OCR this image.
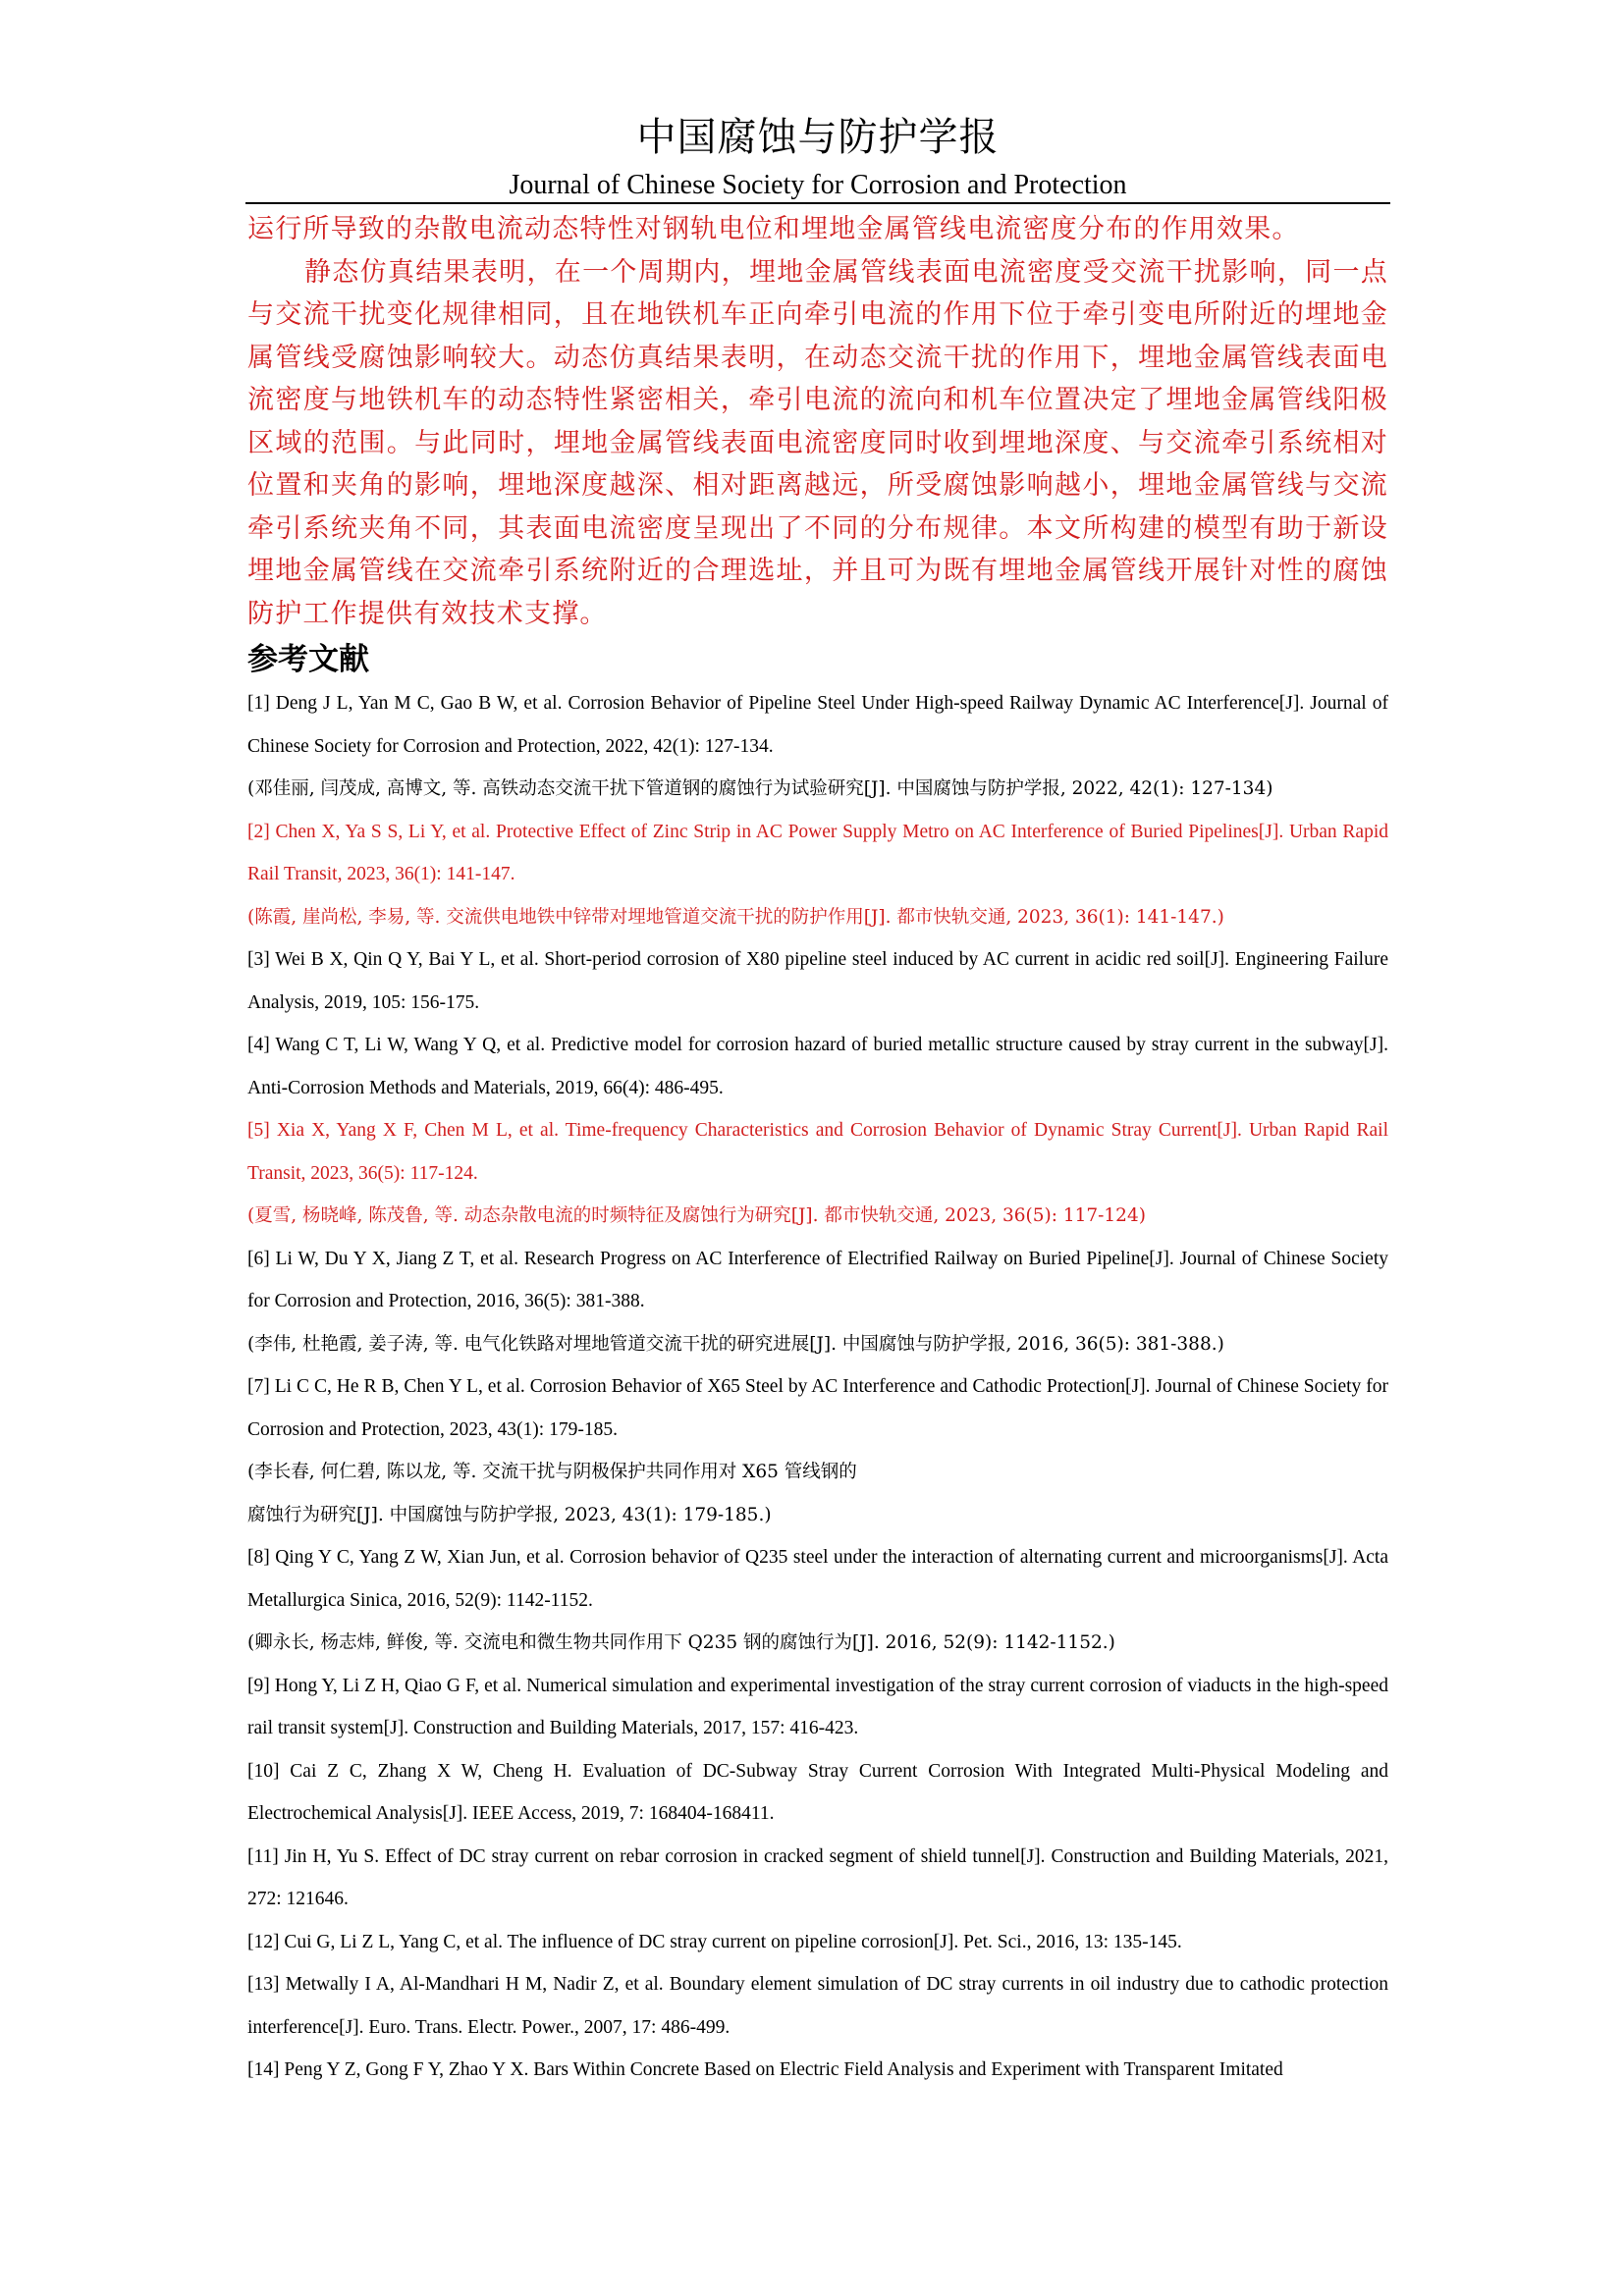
中国腐蚀与防护学报
Journal of Chinese Society for Corrosion and Protection

运行所导致的杂散电流动态特性对钢轨电位和埋地金属管线电流密度分布的作用效果。

静态仿真结果表明，在一个周期内，埋地金属管线表面电流密度受交流干扰影响，同一点与交流干扰变化规律相同，且在地铁机车正向牵引电流的作用下位于牵引变电所附近的埋地金属管线受腐蚀影响较大。动态仿真结果表明，在动态交流干扰的作用下，埋地金属管线表面电流密度与地铁机车的动态特性紧密相关，牵引电流的流向和机车位置决定了埋地金属管线阳极区域的范围。与此同时，埋地金属管线表面电流密度同时收到埋地深度、与交流牵引系统相对位置和夹角的影响，埋地深度越深、相对距离越远，所受腐蚀影响越小，埋地金属管线与交流牵引系统夹角不同，其表面电流密度呈现出了不同的分布规律。本文所构建的模型有助于新设埋地金属管线在交流牵引系统附近的合理选址，并且可为既有埋地金属管线开展针对性的腐蚀防护工作提供有效技术支撑。

参考文献
[1] Deng J L, Yan M C, Gao B W, et al. Corrosion Behavior of Pipeline Steel Under High-speed Railway Dynamic AC Interference[J]. Journal of Chinese Society for Corrosion and Protection, 2022, 42(1): 127-134.
(邓佳丽, 闫茂成, 高博文, 等. 高铁动态交流干扰下管道钢的腐蚀行为试验研究[J]. 中国腐蚀与防护学报, 2022, 42(1): 127-134)
[2] Chen X, Ya S S, Li Y, et al. Protective Effect of Zinc Strip in AC Power Supply Metro on AC Interference of Buried Pipelines[J]. Urban Rapid Rail Transit, 2023, 36(1): 141-147.
(陈霞, 崖尚松, 李易, 等. 交流供电地铁中锌带对埋地管道交流干扰的防护作用[J]. 都市快轨交通, 2023, 36(1): 141-147.)
[3] Wei B X, Qin Q Y, Bai Y L, et al. Short-period corrosion of X80 pipeline steel induced by AC current in acidic red soil[J]. Engineering Failure Analysis, 2019, 105: 156-175.
[4] Wang C T, Li W, Wang Y Q, et al. Predictive model for corrosion hazard of buried metallic structure caused by stray current in the subway[J]. Anti-Corrosion Methods and Materials, 2019, 66(4): 486-495.
[5] Xia X, Yang X F, Chen M L, et al. Time-frequency Characteristics and Corrosion Behavior of Dynamic Stray Current[J]. Urban Rapid Rail Transit, 2023, 36(5): 117-124.
(夏雪, 杨晓峰, 陈茂鲁, 等. 动态杂散电流的时频特征及腐蚀行为研究[J]. 都市快轨交通, 2023, 36(5): 117-124)
[6] Li W, Du Y X, Jiang Z T, et al. Research Progress on AC Interference of Electrified Railway on Buried Pipeline[J]. Journal of Chinese Society for Corrosion and Protection, 2016, 36(5): 381-388.
(李伟, 杜艳霞, 姜子涛, 等. 电气化铁路对埋地管道交流干扰的研究进展[J]. 中国腐蚀与防护学报, 2016, 36(5): 381-388.)
[7] Li C C, He R B, Chen Y L, et al. Corrosion Behavior of X65 Steel by AC Interference and Cathodic Protection[J]. Journal of Chinese Society for Corrosion and Protection, 2023, 43(1): 179-185.
(李长春, 何仁碧, 陈以龙, 等. 交流干扰与阴极保护共同作用对 X65 管线钢的
腐蚀行为研究[J]. 中国腐蚀与防护学报, 2023, 43(1): 179-185.)
[8] Qing Y C, Yang Z W, Xian Jun, et al. Corrosion behavior of Q235 steel under the interaction of alternating current and microorganisms[J]. Acta Metallurgica Sinica, 2016, 52(9): 1142-1152.
(卿永长, 杨志炜, 鲜俊, 等. 交流电和微生物共同作用下 Q235 钢的腐蚀行为[J]. 2016, 52(9): 1142-1152.)
[9] Hong Y, Li Z H, Qiao G F, et al. Numerical simulation and experimental investigation of the stray current corrosion of viaducts in the high-speed rail transit system[J]. Construction and Building Materials, 2017, 157: 416-423.
[10] Cai Z C, Zhang X W, Cheng H. Evaluation of DC-Subway Stray Current Corrosion With Integrated Multi-Physical Modeling and Electrochemical Analysis[J]. IEEE Access, 2019, 7: 168404-168411.
[11] Jin H, Yu S. Effect of DC stray current on rebar corrosion in cracked segment of shield tunnel[J]. Construction and Building Materials, 2021, 272: 121646.
[12] Cui G, Li Z L, Yang C, et al. The influence of DC stray current on pipeline corrosion[J]. Pet. Sci., 2016, 13: 135-145.
[13] Metwally I A, Al-Mandhari H M, Nadir Z, et al. Boundary element simulation of DC stray currents in oil industry due to cathodic protection interference[J]. Euro. Trans. Electr. Power., 2007, 17: 486-499.
[14] Peng Y Z, Gong F Y, Zhao Y X. Bars Within Concrete Based on Electric Field Analysis and Experiment with Transparent Imitated
